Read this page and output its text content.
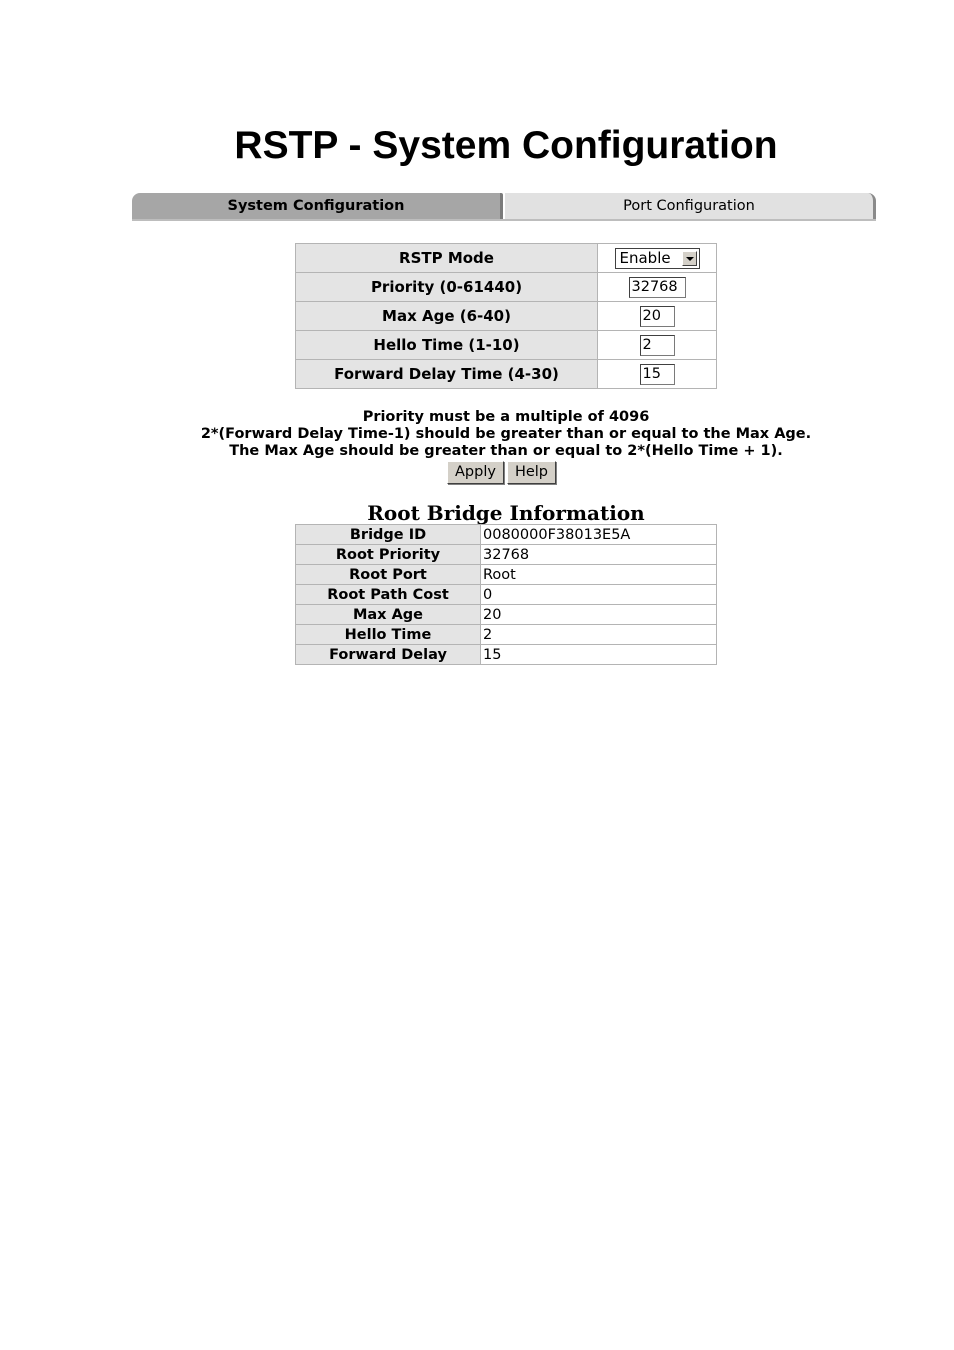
RSTP - System Configuration
System Configuration	Port Configuration
RSTP Mode	Enable

Priority (0-61440)	32768
Max Age (6-40)	20
Hello Time (1-10)	2
Forward Delay Time (4-30)	15
Priority must be a multiple of 4096
2*(Forward Delay Time-1) should be greater than or equal to the Max Age.
The Max Age should be greater than or equal to 2*(Hello Time + 1).
Apply Help
Root Bridge Information
Bridge ID	0080000F38013E5A
Root Priority	32768
Root Port	Root
Root Path Cost	0
Max Age	20
Hello Time	2
Forward Delay	15
